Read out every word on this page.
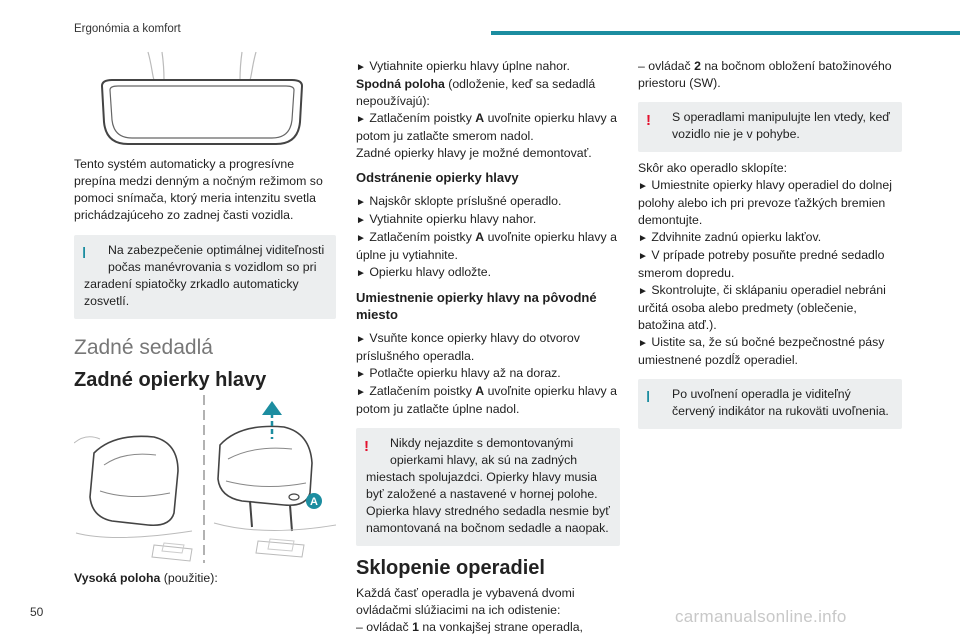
Ergonómia a komfort

Tento systém automaticky a progresívne prepína medzi denným a nočným režimom so pomoci snímača, ktorý meria intenzitu svetla prichádzajúceho zo zadnej časti vozidla.

ǀ	Na zabezpečenie optimálnej viditeľnosti počas manévrovania s vozidlom so pri

zaradení spiatočky zrkadlo automaticky zosvetlí.

Zadné sedadlá
Zadné opierky hlavy
A

Vysoká poloha (použitie):

► Vytiahnite opierku hlavy úplne nahor.

Spodná poloha (odloženie, keď sa sedadlá nepoužívajú):

► Zatlačením poistky A uvoľnite opierku hlavy a potom ju zatlačte smerom nadol.

Zadné opierky hlavy je možné demontovať.

Odstránenie opierky hlavy

► Najskôr sklopte príslušné operadlo.

► Vytiahnite opierku hlavy nahor.

► Zatlačením poistky A uvoľnite opierku hlavy a úplne ju vytiahnite.

► Opierku hlavy odložte.

Umiestnenie opierky hlavy na pôvodné miesto

► Vsuňte konce opierky hlavy do otvorov príslušného operadla.

► Potlačte opierku hlavy až na doraz.

► Zatlačením poistky A uvoľnite opierku hlavy a potom ju zatlačte úplne nadol.

!	Nikdy nejazdite s demontovanými opierkami hlavy, ak sú na zadných

miestach spolujazdci. Opierky hlavy musia byť založené a nastavené v hornej polohe. Opierka hlavy stredného sedadla nesmie byť namontovaná na bočnom sedadle a naopak.

Sklopenie operadiel

Každá časť operadla je vybavená dvomi ovládačmi slúžiacimi na ich odistenie:

– ovládač 1 na vonkajšej strane operadla,

– ovládač 2 na bočnom obložení batožinového priestoru (SW).

!	S operadlami manipulujte len vtedy, keď vozidlo nie je v pohybe.

Skôr ako operadlo sklopíte:

► Umiestnite opierky hlavy operadiel do dolnej polohy alebo ich pri prevoze ťažkých bremien demontujte.

► Zdvihnite zadnú opierku lakťov.

► V prípade potreby posuňte predné sedadlo smerom dopredu.

► Skontrolujte, či sklápaniu operadiel nebráni určitá osoba alebo predmety (oblečenie, batožina atď.).

► Uistite sa, že sú bočné bezpečnostné pásy umiestnené pozdĺž operadiel.

ǀ	Po uvoľnení operadla je viditeľný červený indikátor na rukoväti uvoľnenia.

50	carmanualsonline.info
